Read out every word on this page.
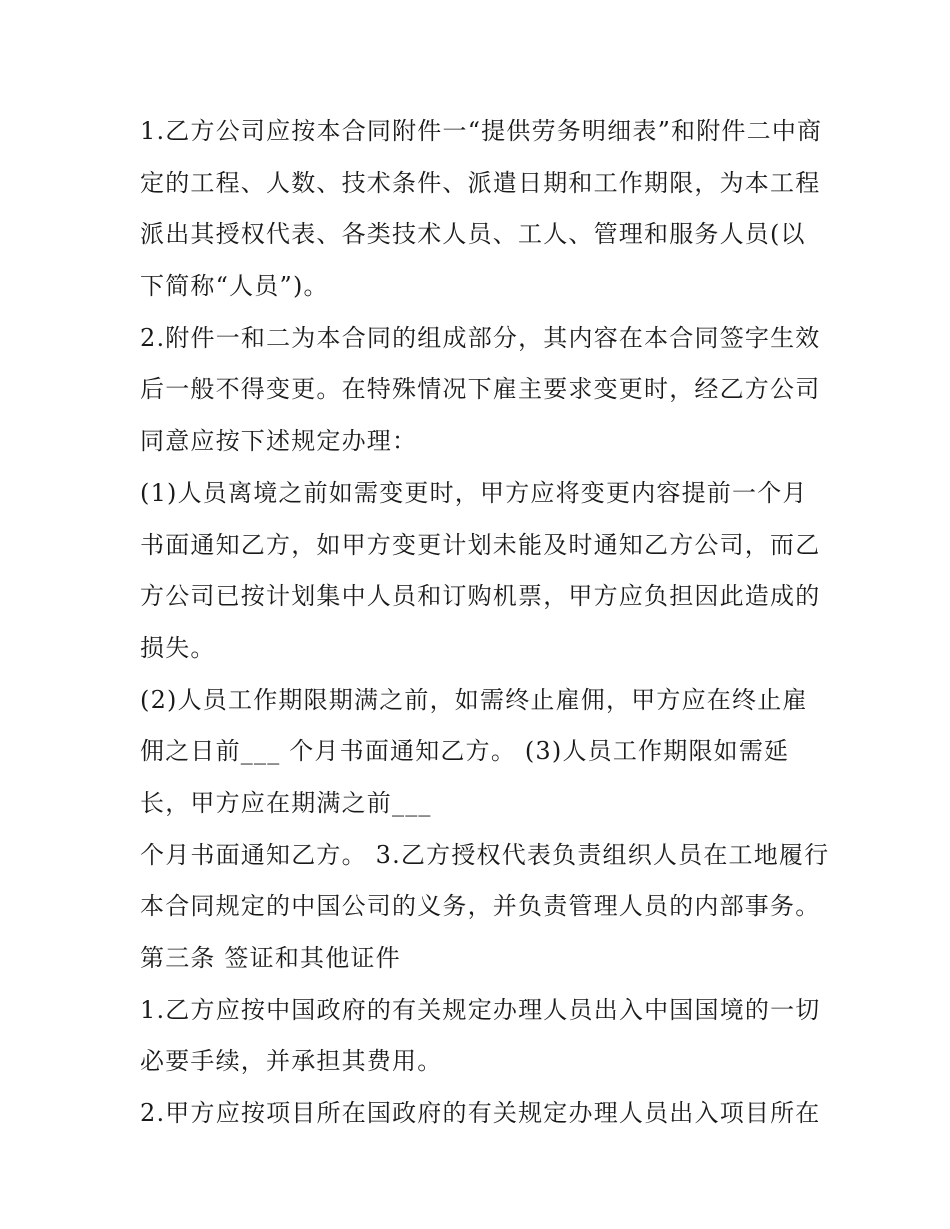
1.乙方公司应按本合同附件一“提供劳务明细表”和附件二中商
定的工程、人数、技术条件、派遣日期和工作期限，为本工程
派出其授权代表、各类技术人员、工人、管理和服务人员(以
下简称“人员”)。
2.附件一和二为本合同的组成部分，其内容在本合同签字生效
后一般不得变更。在特殊情况下雇主要求变更时，经乙方公司
同意应按下述规定办理：
(1)人员离境之前如需变更时，甲方应将变更内容提前一个月
书面通知乙方，如甲方变更计划未能及时通知乙方公司，而乙
方公司已按计划集中人员和订购机票，甲方应负担因此造成的
损失。
(2)人员工作期限期满之前，如需终止雇佣，甲方应在终止雇
佣之日前___ 个月书面通知乙方。 (3)人员工作期限如需延
长，甲方应在期满之前___
个月书面通知乙方。 3.乙方授权代表负责组织人员在工地履行
本合同规定的中国公司的义务，并负责管理人员的内部事务。
第三条 签证和其他证件
1.乙方应按中国政府的有关规定办理人员出入中国国境的一切
必要手续，并承担其费用。
2.甲方应按项目所在国政府的有关规定办理人员出入项目所在
